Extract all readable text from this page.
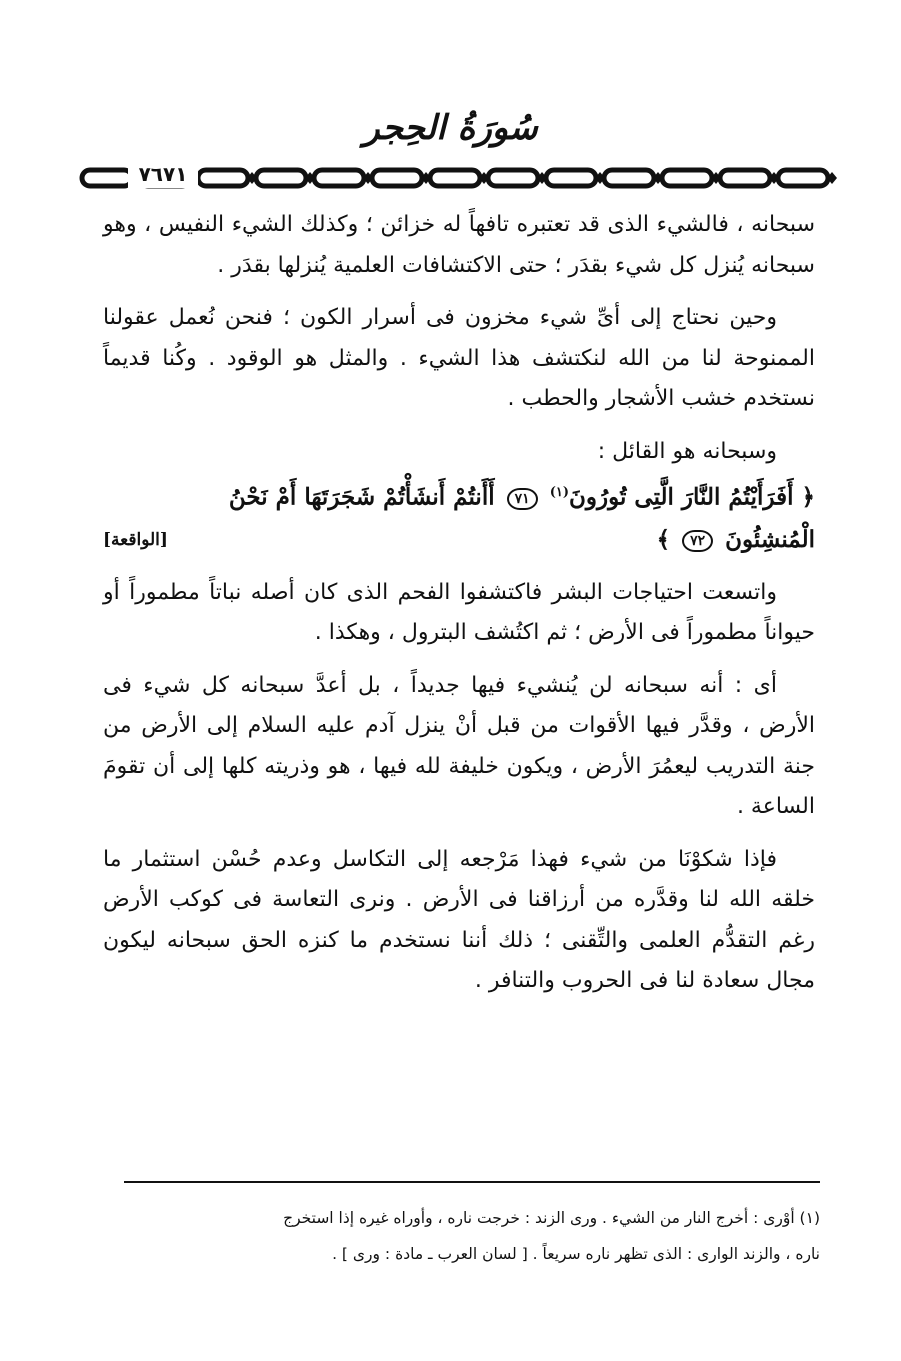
سُورَةُ الحِجر
٧٦٧١

سبحانه ، فالشيء الذى قد تعتبره تافهاً له خزائن ؛ وكذلك الشيء النفيس ، وهو سبحانه يُنزل كل شيء بقدَر ؛ حتى الاكتشافات العلمية يُنزلها بقدَر .

وحين نحتاج إلى أىِّ شيء مخزون فى أسرار الكون ؛ فنحن نُعمل عقولنا الممنوحة لنا من الله لنكتشف هذا الشيء . والمثل هو الوقود . وكُنا قديماً نستخدم خشب الأشجار والحطب .

وسبحانه هو القائل :

﴿ أَفَرَأَيْتُمُ النَّارَ الَّتِى تُورُونَ$^{(١)}$ ٧١ أَأَنتُمْ أَنشَأْتُمْ شَجَرَتَهَا أَمْ نَحْنُ
الْمُنشِئُونَ ٧٢ ﴾
[الواقعة]

واتسعت احتياجات البشر فاكتشفوا الفحم الذى كان أصله نباتاً مطموراً أو حيواناً مطموراً فى الأرض ؛ ثم اكتُشف البترول ، وهكذا .

أى : أنه سبحانه لن يُنشيء فيها جديداً ، بل أعدَّ سبحانه كل شيء فى الأرض ، وقدَّر فيها الأقوات من قبل أنْ ينزل آدم عليه السلام إلى الأرض من جنة التدريب ليعمُرَ الأرض ، ويكون خليفة لله فيها ، هو وذريته كلها إلى أن تقومَ الساعة .

فإذا شكوْنَا من شيء فهذا مَرْجعه إلى التكاسل وعدم حُسْن استثمار ما خلقه الله لنا وقدَّره من أرزاقنا فى الأرض . ونرى التعاسة فى كوكب الأرض رغم التقدُّم العلمى والتِّقنى ؛ ذلك أننا نستخدم ما كنزه الحق سبحانه ليكون مجال سعادة لنا فى الحروب والتنافر .

(١) أوْرى : أخرج النار من الشيء . ورى الزند : خرجت ناره ، وأوراه غيره إذا استخرج

ناره ، والزند الوارى : الذى تظهر ناره سريعاً . [ لسان العرب ـ مادة : ورى ] .
